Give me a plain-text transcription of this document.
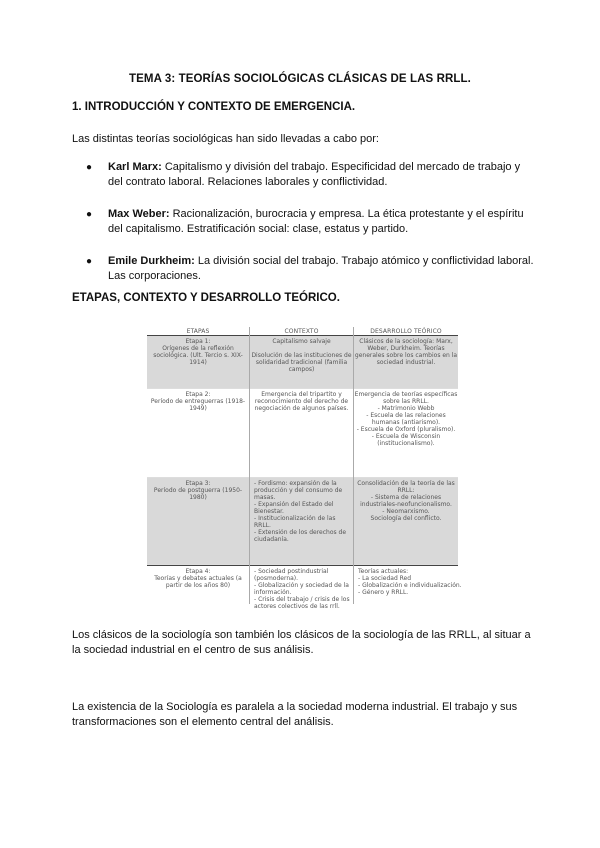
TEMA 3: TEORÍAS SOCIOLÓGICAS CLÁSICAS DE LAS RRLL.
1. INTRODUCCIÓN Y CONTEXTO DE EMERGENCIA.
Las distintas teorías sociológicas han sido llevadas a cabo por:
● Karl Marx: Capitalismo y división del trabajo. Especificidad del mercado de trabajo y del contrato laboral. Relaciones laborales y conflictividad.
● Max Weber: Racionalización, burocracia y empresa. La ética protestante y el espíritu del capitalismo. Estratificación social: clase, estatus y partido.
● Emile Durkheim: La división social del trabajo. Trabajo atómico y conflictividad laboral. Las corporaciones.
ETAPAS, CONTEXTO Y DESARROLLO TEÓRICO.
ETAPAS	CONTEXTO	DESARROLLO TEÓRICO
Etapa 1:
Orígenes de la reflexión sociológica. (Ult. Tercio s. XIX-1914)
Capitalismo salvaje

Disolución de las instituciones de solidaridad tradicional (familia campos)
Clásicos de la sociología: Marx, Weber, Durkheim. Teorías generales sobre los cambios en la sociedad industrial.
Etapa 2:
Período de entreguerras (1918-1949)
Emergencia del tripartito y reconocimiento del derecho de negociación de algunos países.
Emergencia de teorías específicas sobre las RRLL.
- Matrimonio Webb
- Escuela de las relaciones humanas (antiarismo).
- Escuela de Oxford (pluralismo).
- Escuela de Wisconsin (institucionalismo).
Etapa 3:
Período de postguerra (1950-1980)
- Fordismo: expansión de la producción y del consumo de masas.
- Expansión del Estado del Bienestar.
- Institucionalización de las RRLL.
- Extensión de los derechos de ciudadanía.
Consolidación de la teoría de las RRLL:
- Sistema de relaciones industriales-neofuncionalismo.
- Neomarxismo.
Sociología del conflicto.
Etapa 4:
Teorías y debates actuales (a partir de los años 80)
- Sociedad postindustrial (posmoderna).
- Globalización y sociedad de la información.
- Crisis del trabajo / crisis de los actores colectivos de las rrll.
Teorías actuales:
- La sociedad Red
- Globalización e individualización.
- Género y RRLL.
Los clásicos de la sociología son también los clásicos de la sociología de las RRLL, al situar a la sociedad industrial en el centro de sus análisis.
La existencia de la Sociología es paralela a la sociedad moderna industrial. El trabajo y sus transformaciones son el elemento central del análisis.
